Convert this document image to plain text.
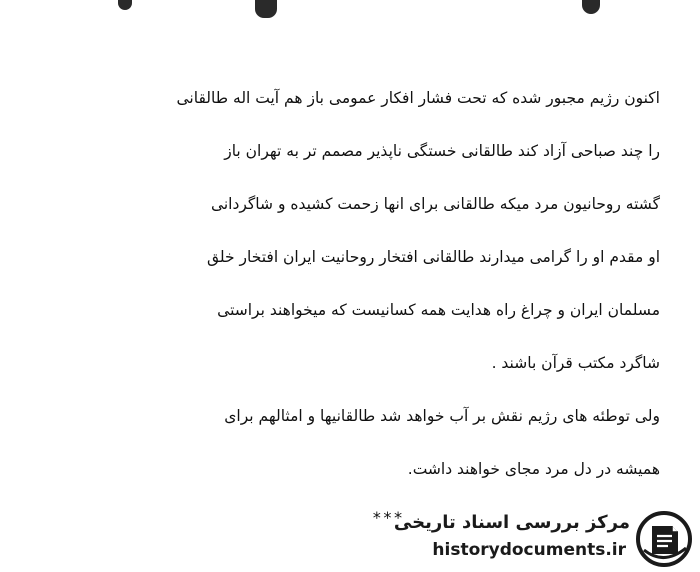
اکنون رژیم مجبور شده که تحت فشار افکار عمومی باز هم آیت اله طالقانی
را چند صباحی آزاد کند طالقانی خستگی ناپذیر مصمم تر به تهران باز
گشته روحانیون مرد میکه طالقانی برای انها زحمت کشیده و شاگردانی
او مقدم او را گرامی میدارند طالقانی افتخار روحانیت ایران افتخار خلق
مسلمان ایران و چراغ راه هدایت همه کسانیست که میخواهند براستی
شاگرد مکتب قرآن باشند .
ولی توطئه های رژیم نقش بر آب خواهد شد طالقانیها و امثالهم برای
همیشه در دل مرد مجای خواهند داشت.
***
مرکز بررسی اسناد تاریخی
historydocuments.ir
